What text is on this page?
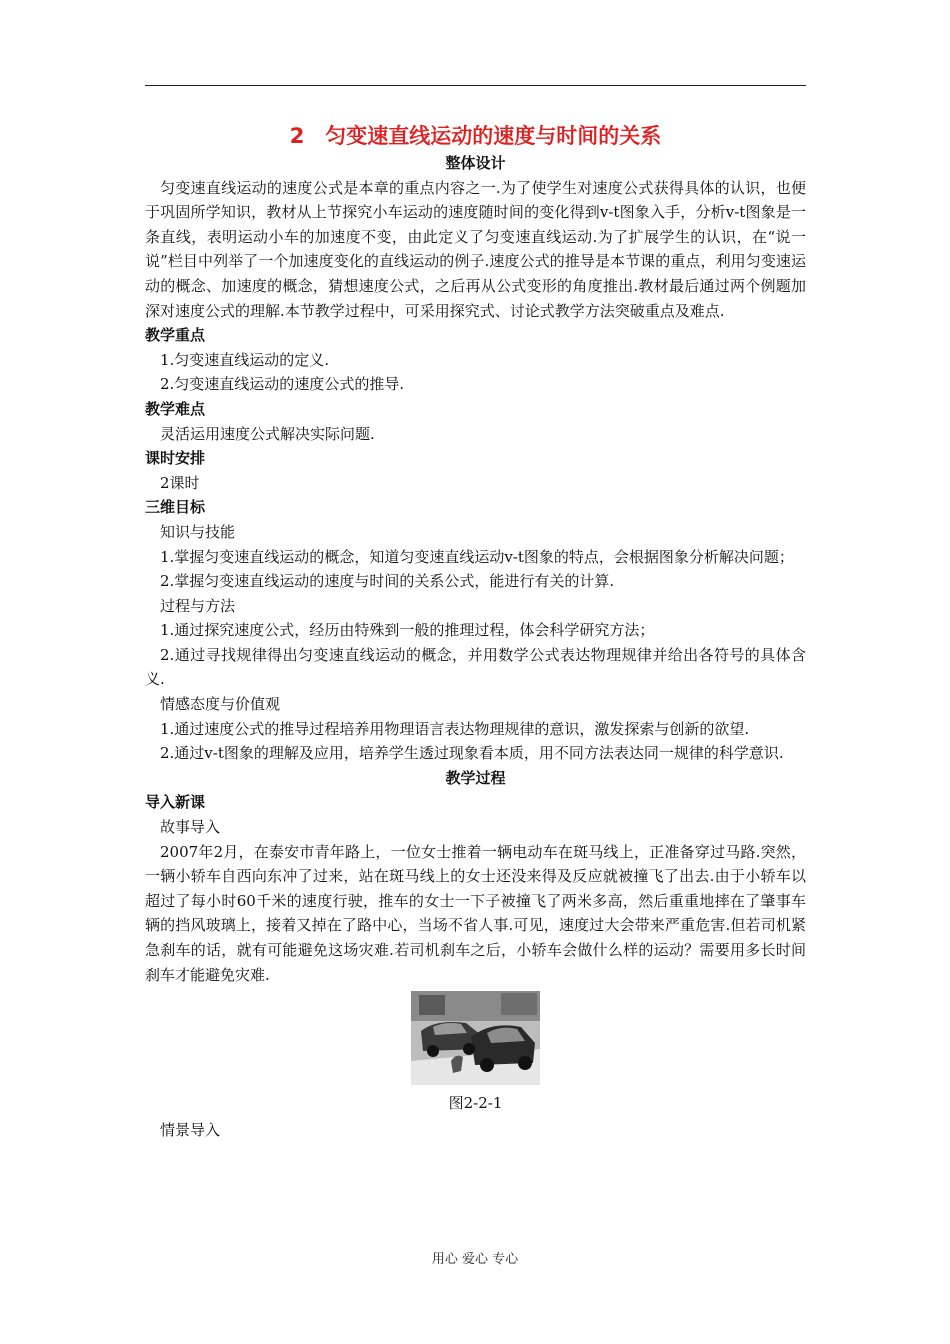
2　匀变速直线运动的速度与时间的关系
整体设计

匀变速直线运动的速度公式是本章的重点内容之一.为了使学生对速度公式获得具体的认识，也便于巩固所学知识，教材从上节探究小车运动的速度随时间的变化得到v-t图象入手，分析v-t图象是一条直线，表明运动小车的加速度不变，由此定义了匀变速直线运动.为了扩展学生的认识，在“说一说”栏目中列举了一个加速度变化的直线运动的例子.速度公式的推导是本节课的重点，利用匀变速运动的概念、加速度的概念，猜想速度公式，之后再从公式变形的角度推出.教材最后通过两个例题加深对速度公式的理解.本节教学过程中，可采用探究式、讨论式教学方法突破重点及难点.

教学重点

1.匀变速直线运动的定义.

2.匀变速直线运动的速度公式的推导.

教学难点

灵活运用速度公式解决实际问题.

课时安排

2课时

三维目标

知识与技能

1.掌握匀变速直线运动的概念，知道匀变速直线运动v-t图象的特点，会根据图象分析解决问题；

2.掌握匀变速直线运动的速度与时间的关系公式，能进行有关的计算.

过程与方法

1.通过探究速度公式，经历由特殊到一般的推理过程，体会科学研究方法；

2.通过寻找规律得出匀变速直线运动的概念，并用数学公式表达物理规律并给出各符号的具体含义.

情感态度与价值观

1.通过速度公式的推导过程培养用物理语言表达物理规律的意识，激发探索与创新的欲望.

2.通过v-t图象的理解及应用，培养学生透过现象看本质，用不同方法表达同一规律的科学意识.

教学过程
导入新课

故事导入

2007年2月，在泰安市青年路上，一位女士推着一辆电动车在斑马线上，正准备穿过马路.突然，一辆小轿车自西向东冲了过来，站在斑马线上的女士还没来得及反应就被撞飞了出去.由于小轿车以超过了每小时60千米的速度行驶，推车的女士一下子被撞飞了两米多高，然后重重地摔在了肇事车辆的挡风玻璃上，接着又掉在了路中心，当场不省人事.可见，速度过大会带来严重危害.但若司机紧急刹车的话，就有可能避免这场灾难.若司机刹车之后，小轿车会做什么样的运动？需要用多长时间刹车才能避免灾难.

图2-2-1

情景导入

用心 爱心 专心
